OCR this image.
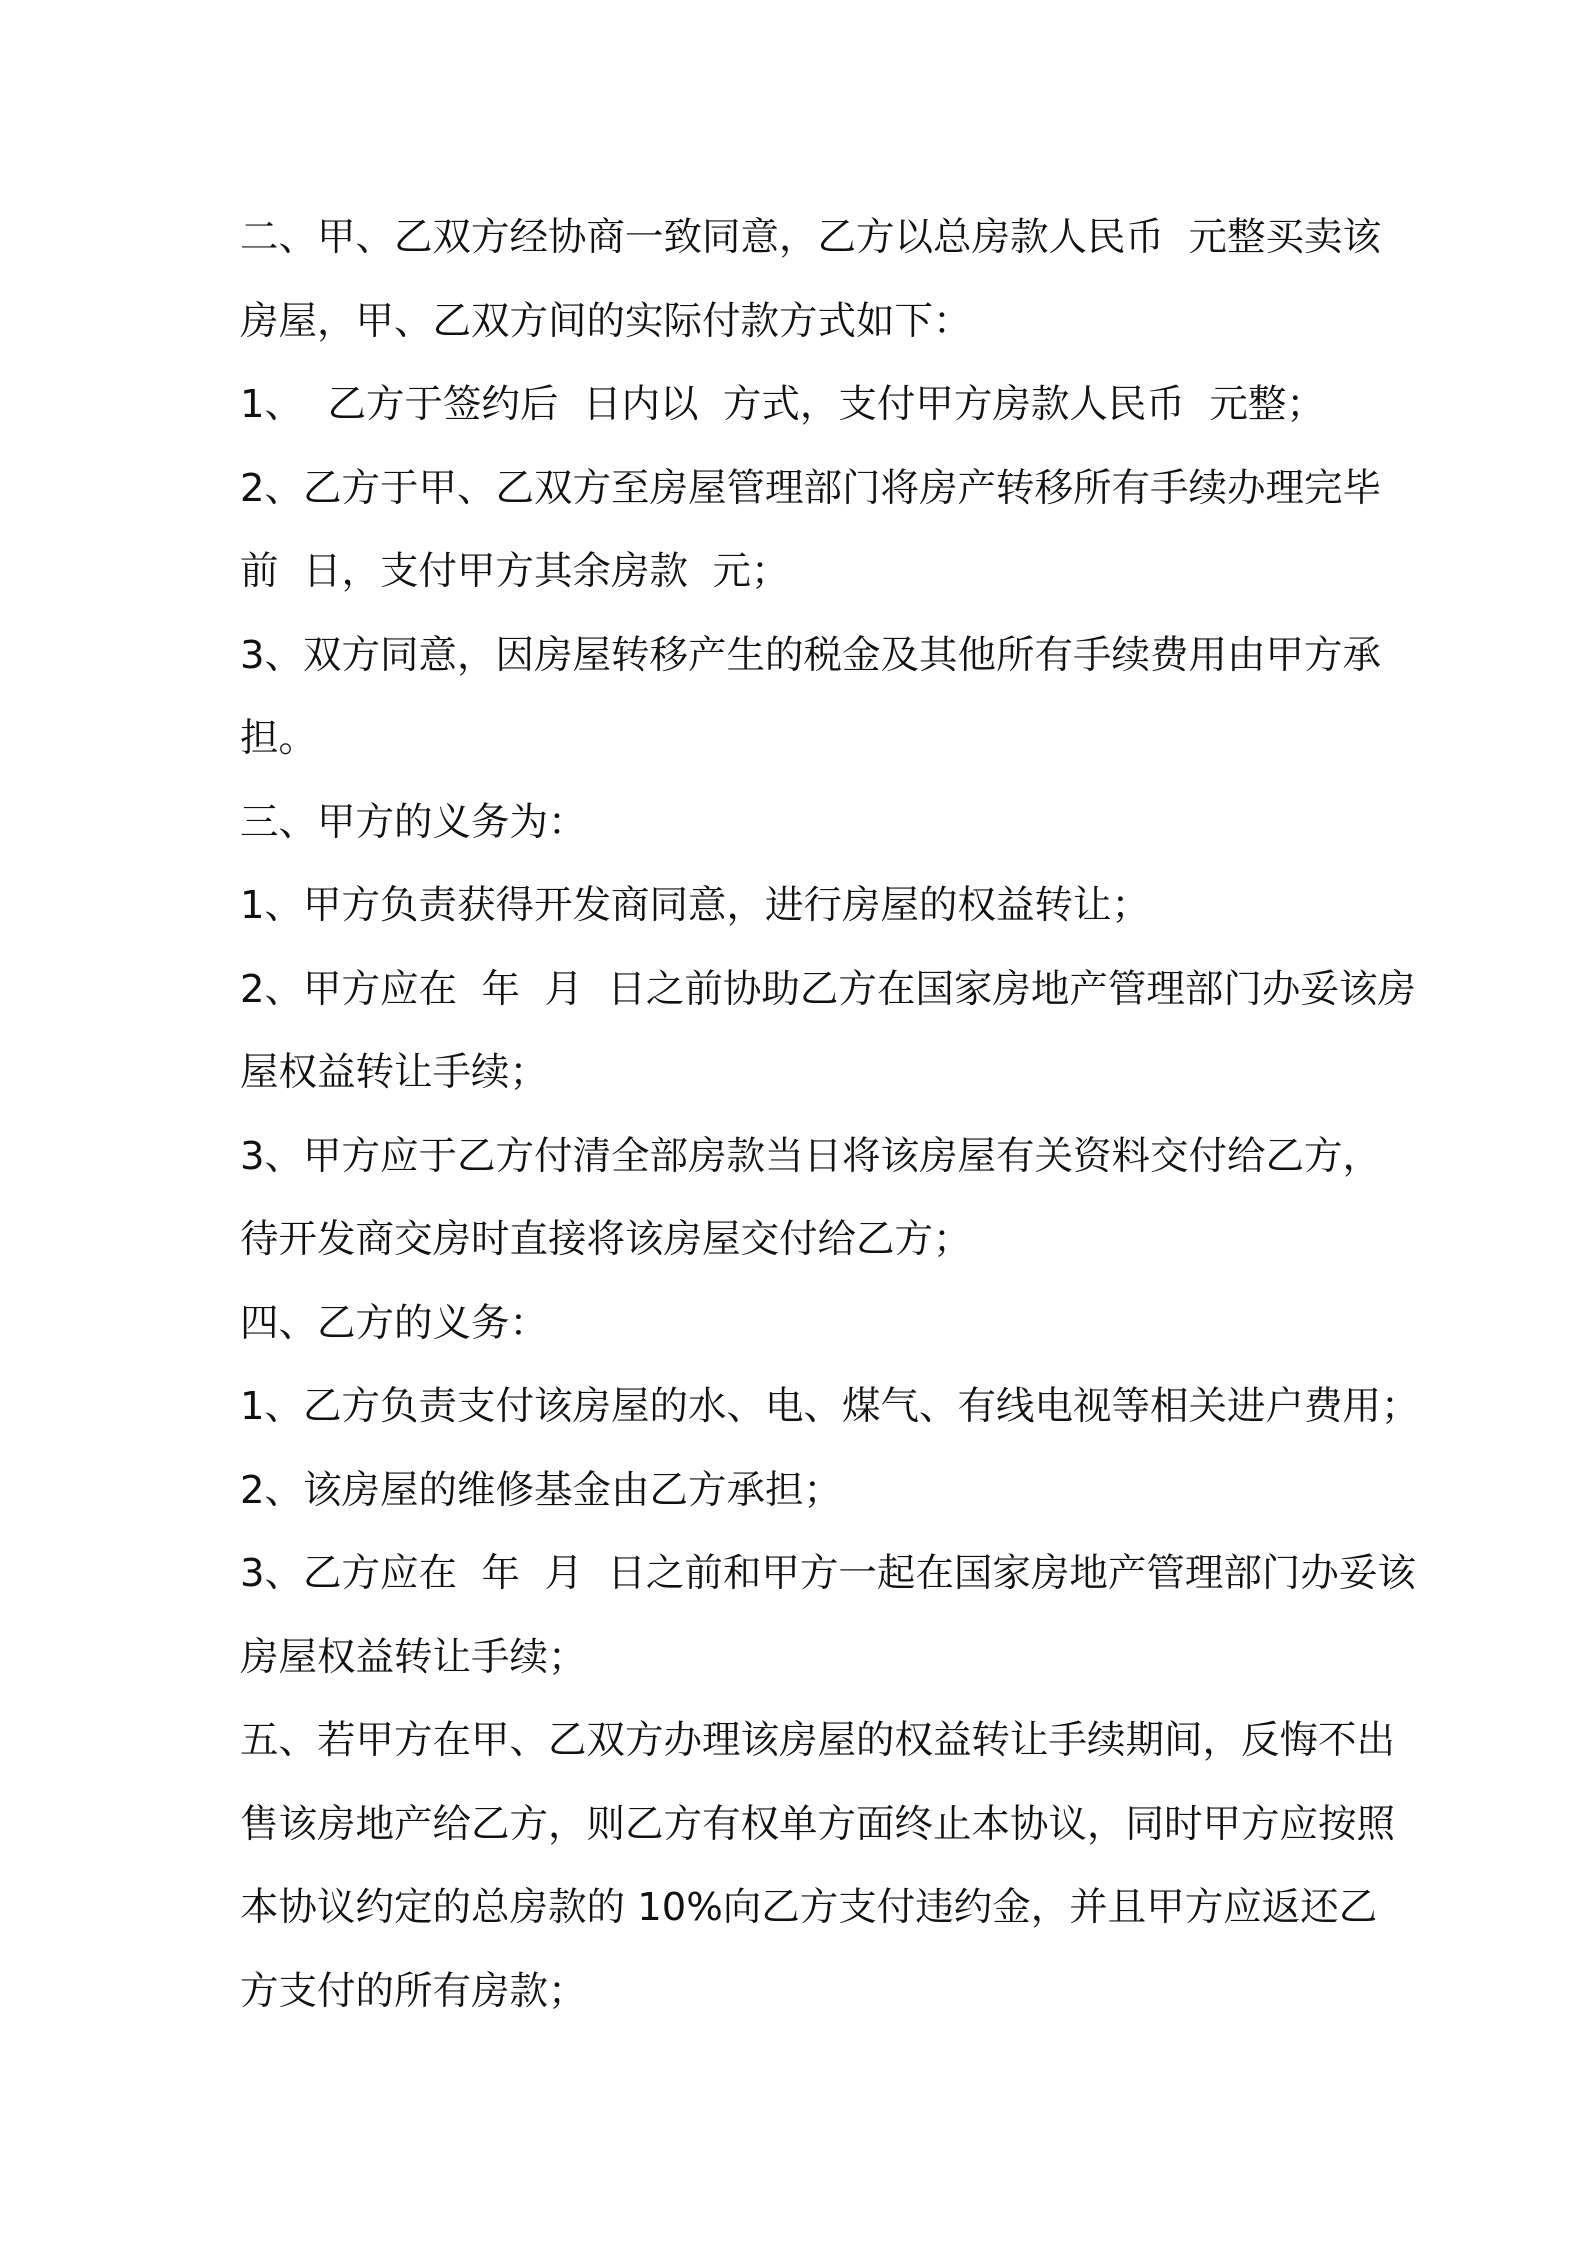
二、甲、乙双方经协商一致同意，乙方以总房款人民币  元整买卖该
房屋，甲、乙双方间的实际付款方式如下：
1、  乙方于签约后  日内以  方式，支付甲方房款人民币  元整；
2、乙方于甲、乙双方至房屋管理部门将房产转移所有手续办理完毕
前  日，支付甲方其余房款  元；
3、双方同意，因房屋转移产生的税金及其他所有手续费用由甲方承
担。
三、甲方的义务为：
1、甲方负责获得开发商同意，进行房屋的权益转让；
2、甲方应在  年  月  日之前协助乙方在国家房地产管理部门办妥该房
屋权益转让手续；
3、甲方应于乙方付清全部房款当日将该房屋有关资料交付给乙方，
待开发商交房时直接将该房屋交付给乙方；
四、乙方的义务：
1、乙方负责支付该房屋的水、电、煤气、有线电视等相关进户费用；
2、该房屋的维修基金由乙方承担；
3、乙方应在  年  月  日之前和甲方一起在国家房地产管理部门办妥该
房屋权益转让手续；
五、若甲方在甲、乙双方办理该房屋的权益转让手续期间，反悔不出
售该房地产给乙方，则乙方有权单方面终止本协议，同时甲方应按照
本协议约定的总房款的 10%向乙方支付违约金，并且甲方应返还乙
方支付的所有房款；
